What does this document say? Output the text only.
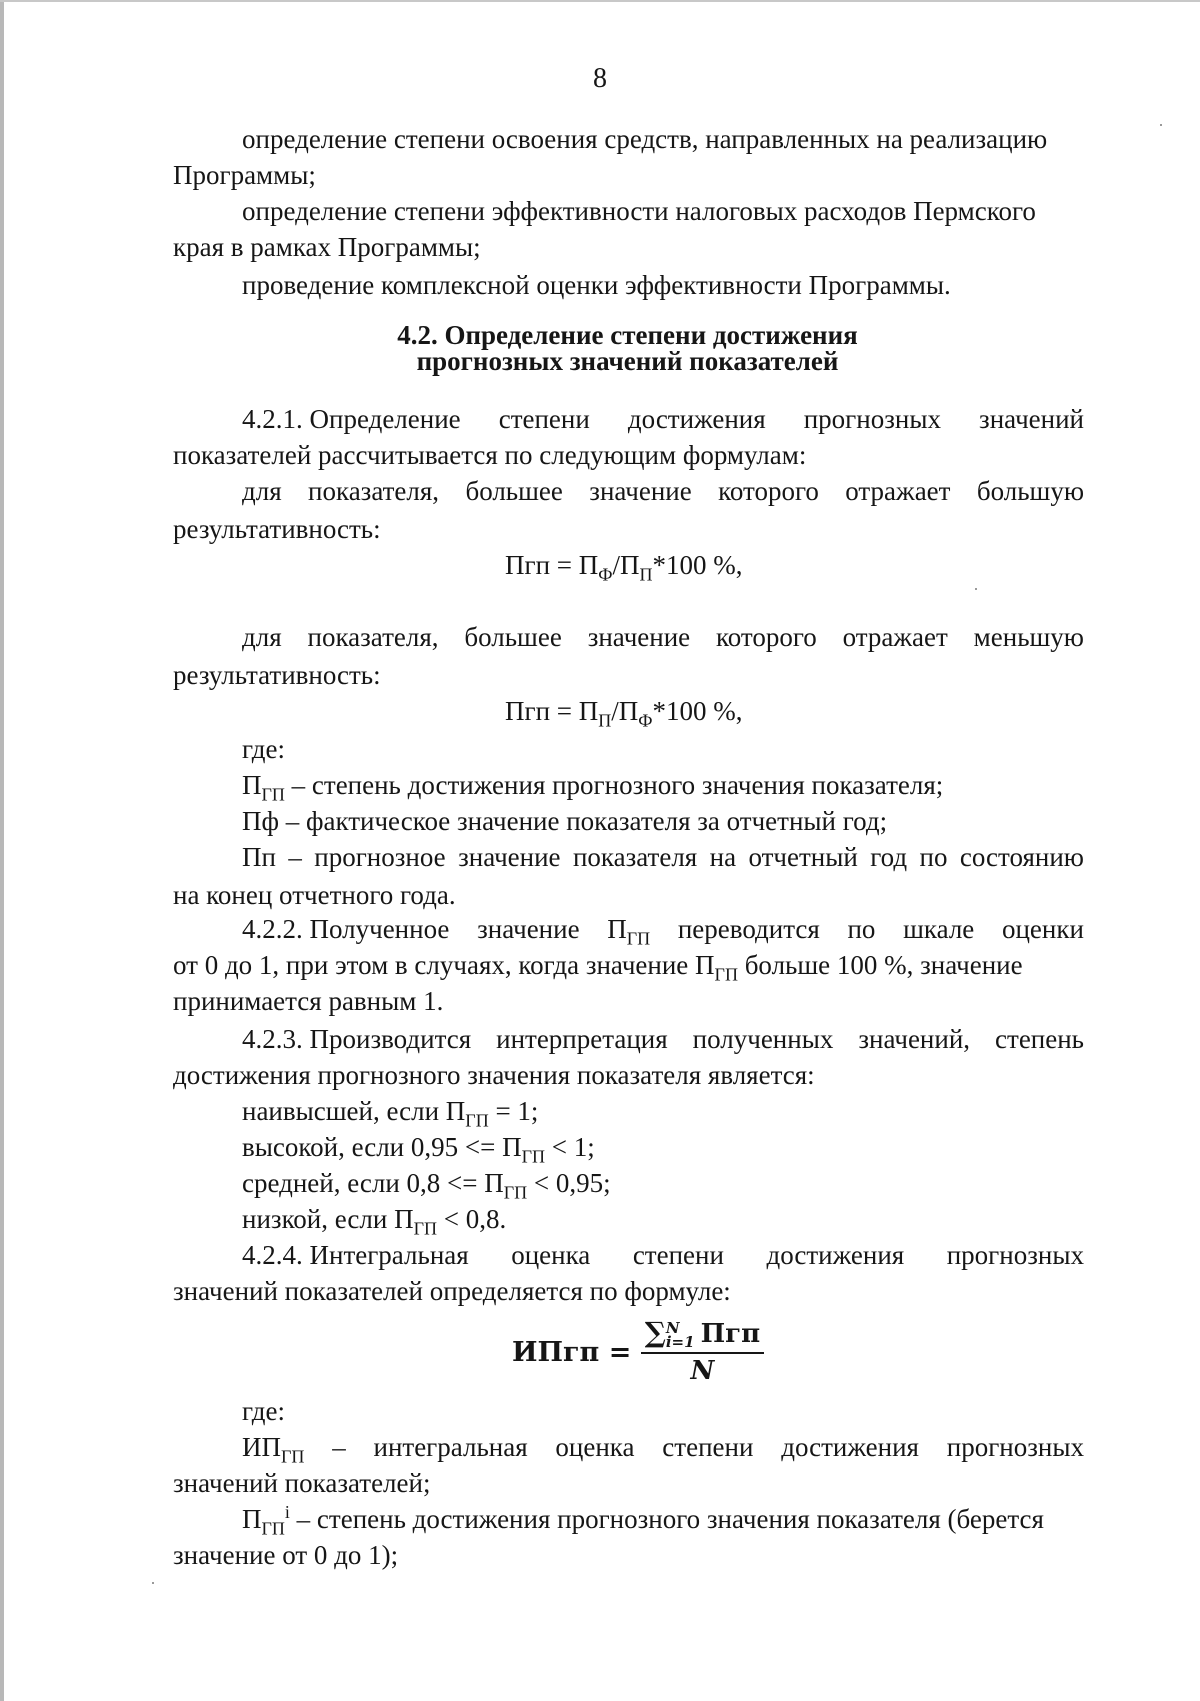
8
определение степени освоения средств, направленных на реализацию
Программы;
определение степени эффективности налоговых расходов Пермского
края в рамках Программы;
проведение комплексной оценки эффективности Программы.
4.2. Определение степени достижения
прогнозных значений показателей
4.2.1. Определение степени достижения прогнозных значений
показателей рассчитывается по следующим формулам:
для показателя, большее значение которого отражает большую
результативность:
Пгп = $П_Ф/П_П*100$ %,
для показателя, большее значение которого отражает меньшую
результативность:
Пгп = $П_П/П_Ф*100$ %,
где:
$П_{ГП}$ – степень достижения прогнозного значения показателя;
Пф – фактическое значение показателя за отчетный год;
Пп – прогнозное значение показателя на отчетный год по состоянию
на конец отчетного года.
4.2.2. Полученное значение $П_{ГП}$ переводится по шкале оценки
от 0 до 1, при этом в случаях, когда значение $П_{ГП}$ больше 100 %, значение
принимается равным 1.
4.2.3. Производится интерпретация полученных значений, степень
достижения прогнозного значения показателя является:
наивысшей, если $П_{ГП} = 1$;
высокой, если $0,95 <= П_{ГП} < 1$;
средней, если $0,8 <= П_{ГП} < 0,95$;
низкой, если $П_{ГП} < 0,8$.
4.2.4. Интегральная оценка степени достижения прогнозных
значений показателей определяется по формуле:
ИПгп = ∑ N
i=1 Пгп
N
где:
$ИП_{ГП}$ – интегральная оценка степени достижения прогнозных
значений показателей;
$П_{ГП}^i$ – степень достижения прогнозного значения показателя (берется
значение от 0 до 1);
